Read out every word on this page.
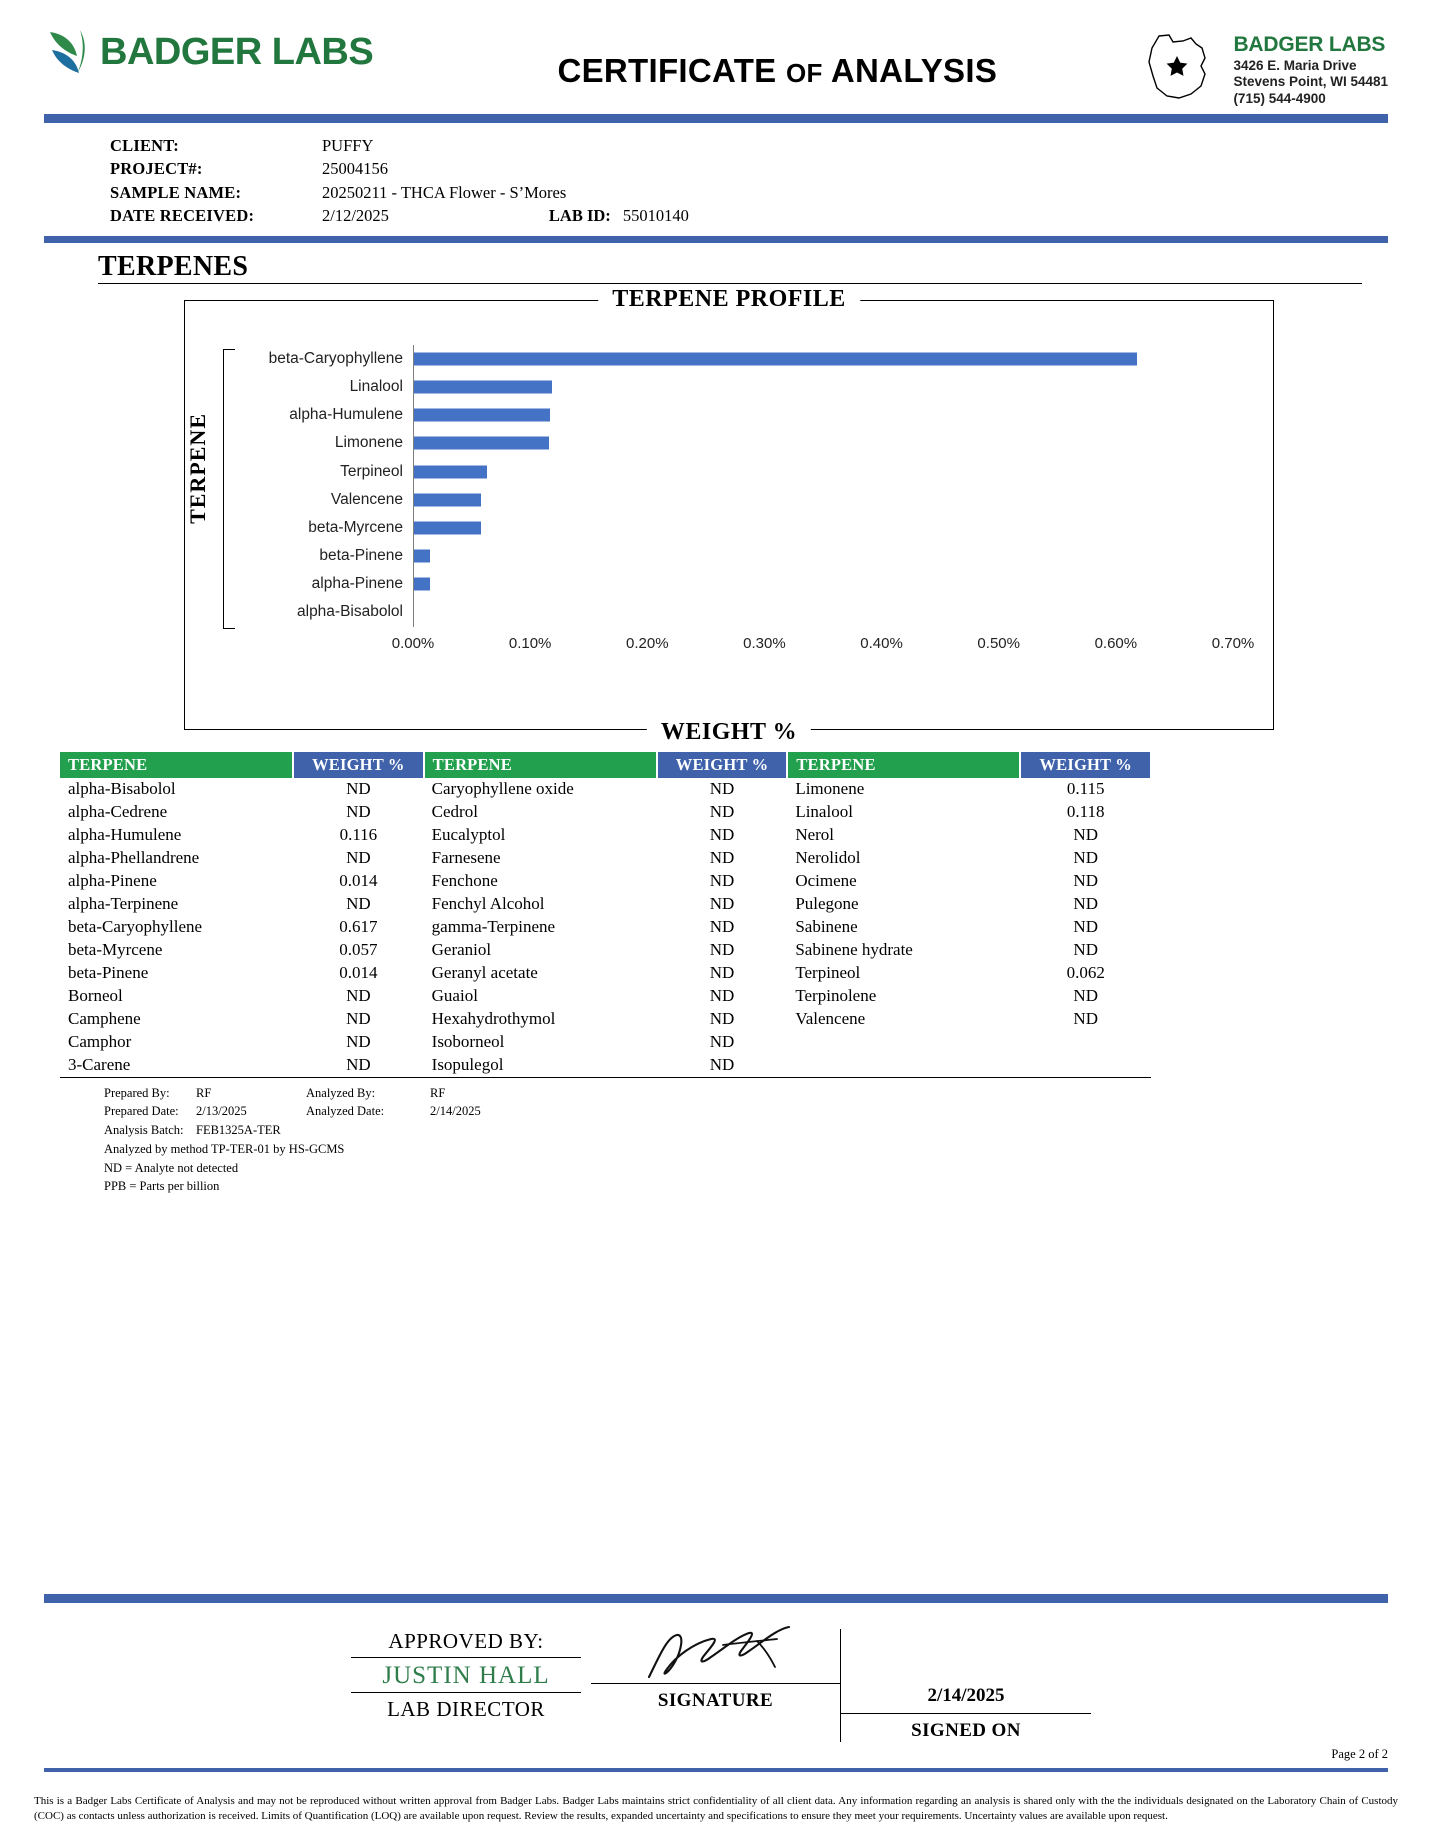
BADGER LABS	CERTIFICATE OF ANALYSIS
BADGER LABS
3426 E. Maria Drive
Stevens Point, WI 54481
(715) 544-4900
CLIENT:	PUFFY
PROJECT#:	25004156
SAMPLE NAME:	20250211 - THCA Flower - S’Mores
DATE RECEIVED:	2/12/2025	LAB ID: 55010140
TERPENES
TERPENE PROFILE
TERPENE
beta-Caryophyllene
Linalool
alpha-Humulene
Limonene
Terpineol
Valencene
beta-Myrcene
beta-Pinene
alpha-Pinene
alpha-Bisabolol
0.00%	0.10%	0.20%	0.30%	0.40%	0.50%	0.60%	0.70%
WEIGHT %
TERPENE	WEIGHT %	TERPENE	WEIGHT %	TERPENE	WEIGHT %
alpha-Bisabolol	ND	Caryophyllene oxide	ND	Limonene	0.115
alpha-Cedrene	ND	Cedrol	ND	Linalool	0.118
alpha-Humulene	0.116	Eucalyptol	ND	Nerol	ND
alpha-Phellandrene	ND	Farnesene	ND	Nerolidol	ND
alpha-Pinene	0.014	Fenchone	ND	Ocimene	ND
alpha-Terpinene	ND	Fenchyl Alcohol	ND	Pulegone	ND
beta-Caryophyllene	0.617	gamma-Terpinene	ND	Sabinene	ND
beta-Myrcene	0.057	Geraniol	ND	Sabinene hydrate	ND
beta-Pinene	0.014	Geranyl acetate	ND	Terpineol	0.062
Borneol	ND	Guaiol	ND	Terpinolene	ND
Camphene	ND	Hexahydrothymol	ND	Valencene	ND
Camphor	ND	Isoborneol	ND		
3-Carene	ND	Isopulegol	ND		
Prepared By:	RF	Analyzed By:	RF
Prepared Date:	2/13/2025	Analyzed Date:	2/14/2025
Analysis Batch: FEB1325A-TER
Analyzed by method TP-TER-01 by HS-GCMS
ND = Analyte not detected
PPB = Parts per billion
APPROVED BY:
JUSTIN HALL
LAB DIRECTOR	SIGNATURE	2/14/2025
SIGNED ON
Page 2 of 2
This is a Badger Labs Certificate of Analysis and may not be reproduced without written approval from Badger Labs. Badger Labs maintains strict confidentiality of all client data. Any information regarding an analysis is shared only with the the individuals designated on the Laboratory Chain of Custody (COC) as contacts unless authorization is received. Limits of Quantification (LOQ) are available upon request. Review the results, expanded uncertainty and specifications to ensure they meet your requirements. Uncertainty values are available upon request.
